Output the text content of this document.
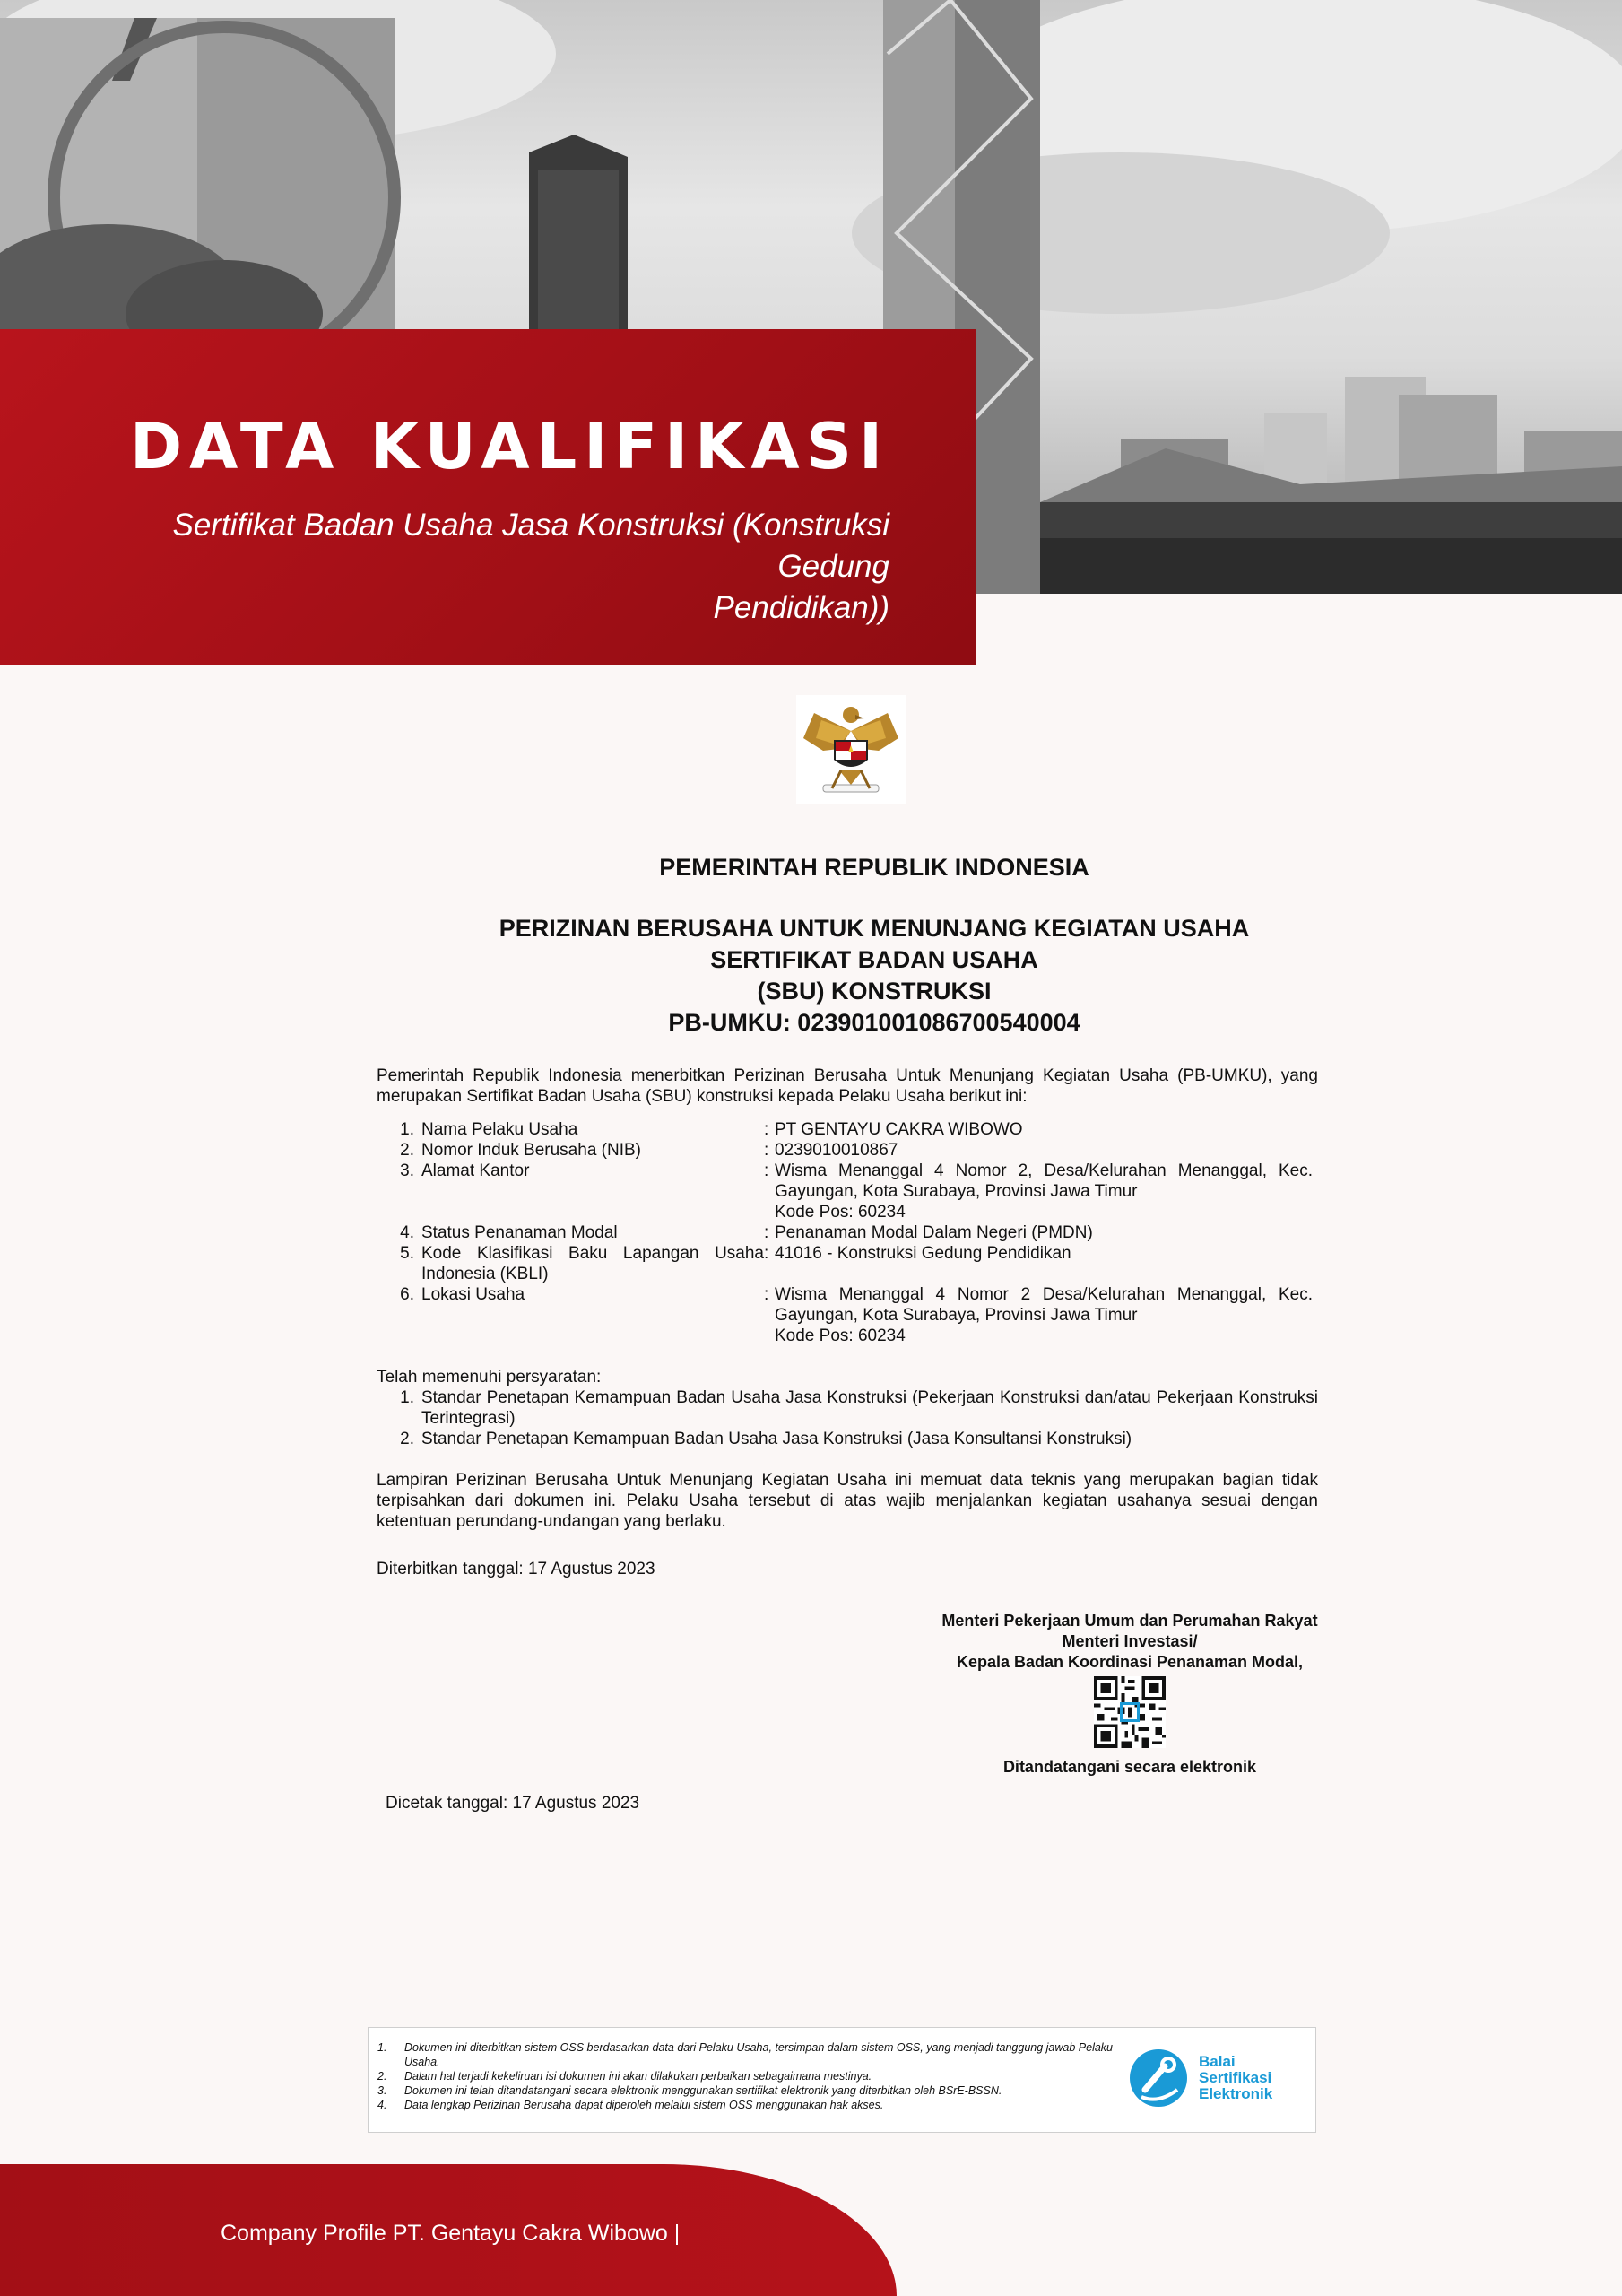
DATA KUALIFIKASI
Sertifikat Badan Usaha Jasa Konstruksi (Konstruksi Gedung
Pendidikan))
PEMERINTAH REPUBLIK INDONESIA
PERIZINAN BERUSAHA UNTUK MENUNJANG KEGIATAN USAHA
SERTIFIKAT BADAN USAHA
(SBU) KONSTRUKSI
PB-UMKU: 023901001086700540004

Pemerintah Republik Indonesia menerbitkan Perizinan Berusaha Untuk Menunjang Kegiatan Usaha (PB-UMKU), yang merupakan Sertifikat Badan Usaha (SBU) konstruksi kepada Pelaku Usaha berikut ini:

1. Nama Pelaku Usaha	: PT GENTAYU CAKRA WIBOWO
2. Nomor Induk Berusaha (NIB)	: 0239010010867
3. Alamat Kantor	: Wisma Menanggal 4 Nomor 2, Desa/Kelurahan Menanggal, Kec. Gayungan, Kota Surabaya, Provinsi Jawa Timur
Kode Pos: 60234
4. Status Penanaman Modal	: Penanaman Modal Dalam Negeri (PMDN)
5. Kode Klasifikasi Baku Lapangan Usaha Indonesia (KBLI)
: 41016 - Konstruksi Gedung Pendidikan
6. Lokasi Usaha	: Wisma Menanggal 4 Nomor 2 Desa/Kelurahan Menanggal, Kec. Gayungan, Kota Surabaya, Provinsi Jawa Timur
Kode Pos: 60234

Telah memenuhi persyaratan:

1. Standar Penetapan Kemampuan Badan Usaha Jasa Konstruksi (Pekerjaan Konstruksi dan/atau Pekerjaan Konstruksi Terintegrasi)
2. Standar Penetapan Kemampuan Badan Usaha Jasa Konstruksi (Jasa Konsultansi Konstruksi)

Lampiran Perizinan Berusaha Untuk Menunjang Kegiatan Usaha ini memuat data teknis yang merupakan bagian tidak terpisahkan dari dokumen ini. Pelaku Usaha tersebut di atas wajib menjalankan kegiatan usahanya sesuai dengan ketentuan perundang-undangan yang berlaku.

Diterbitkan tanggal: 17 Agustus 2023

Menteri Pekerjaan Umum dan Perumahan Rakyat
Menteri Investasi/
Kepala Badan Koordinasi Penanaman Modal,
Ditandatangani secara elektronik
Dicetak tanggal: 17 Agustus 2023
1.	Dokumen ini diterbitkan sistem OSS berdasarkan data dari Pelaku Usaha, tersimpan dalam sistem OSS, yang menjadi tanggung jawab Pelaku Usaha.
2.	Dalam hal terjadi kekeliruan isi dokumen ini akan dilakukan perbaikan sebagaimana mestinya.
3.	Dokumen ini telah ditandatangani secara elektronik menggunakan sertifikat elektronik yang diterbitkan oleh BSrE-BSSN.
4.	Data lengkap Perizinan Berusaha dapat diperoleh melalui sistem OSS menggunakan hak akses.
Balai
Sertifikasi
Elektronik
Company Profile PT. Gentayu Cakra Wibowo |
